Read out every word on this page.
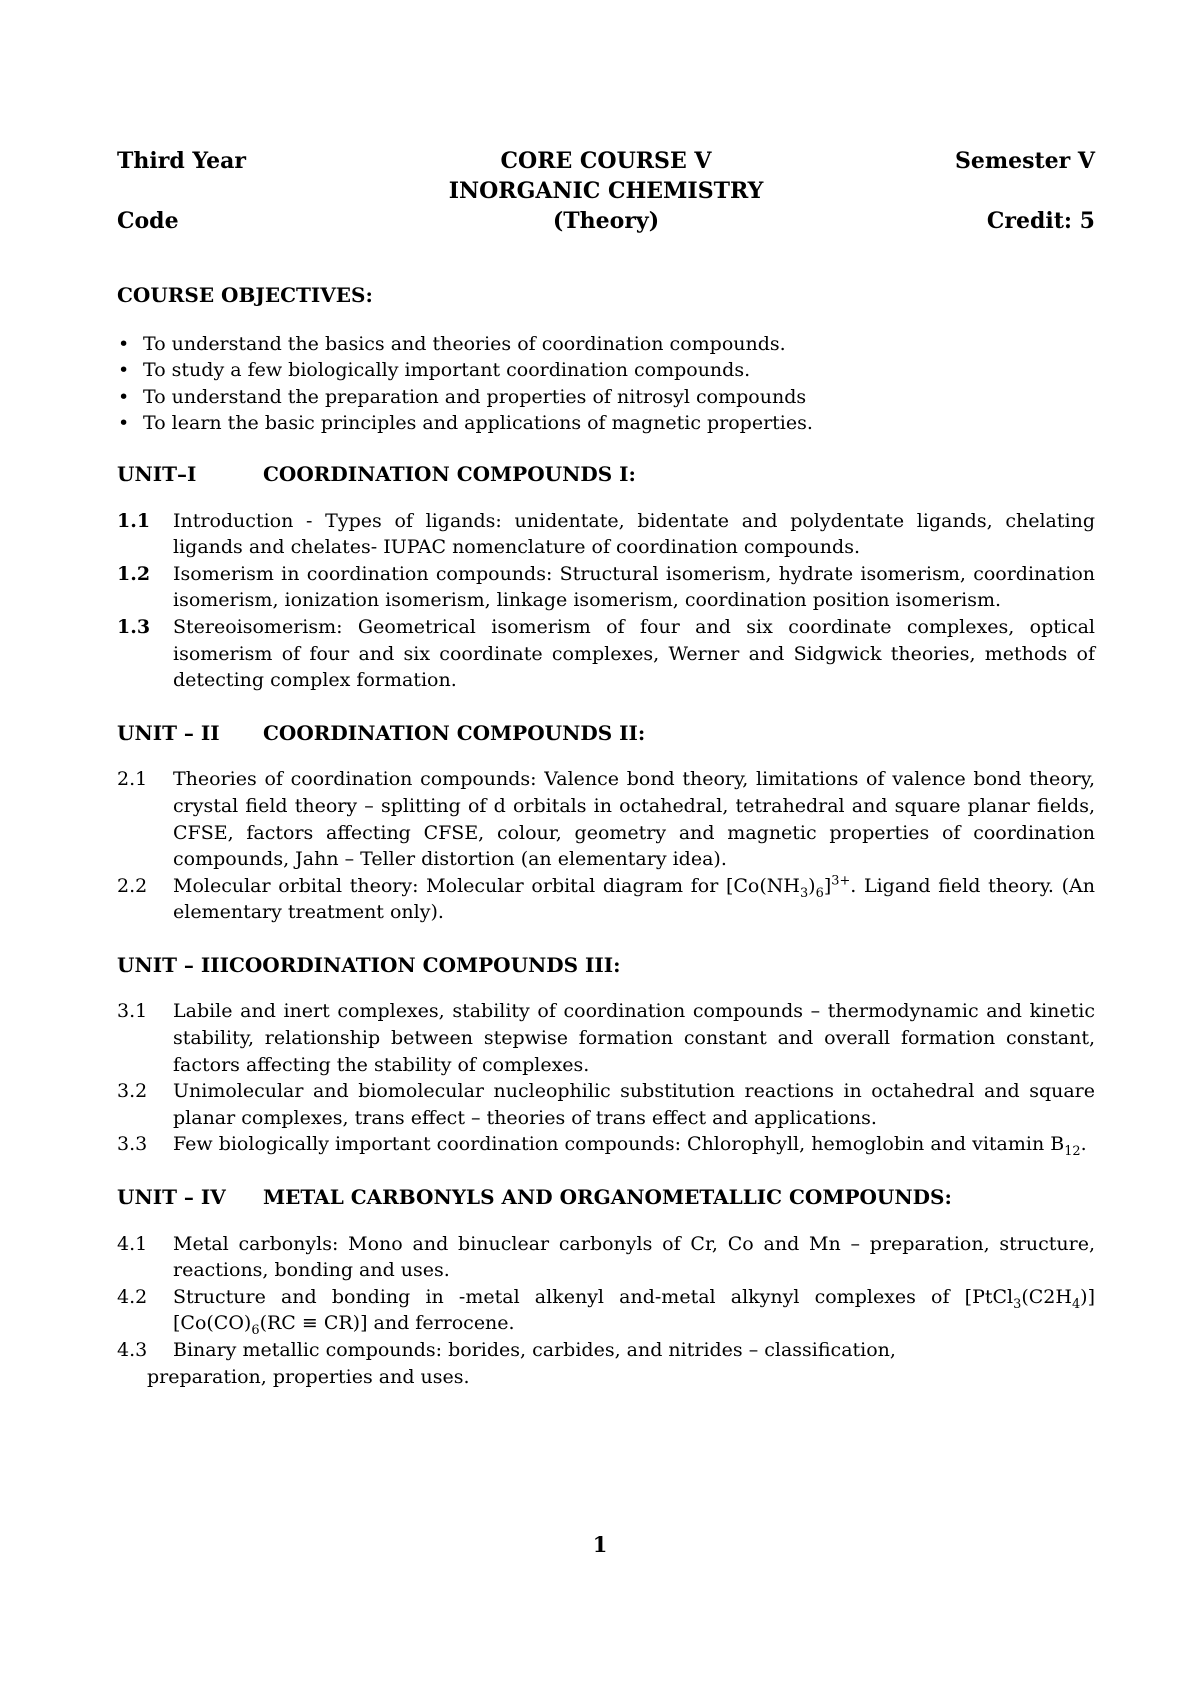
Third Year	CORE COURSE V	Semester V
INORGANIC CHEMISTRY
Code	(Theory)	Credit: 5

COURSE OBJECTIVES:

• To understand the basics and theories of coordination compounds.
• To study a few biologically important coordination compounds.
• To understand the preparation and properties of nitrosyl compounds
• To learn the basic principles and applications of magnetic properties.
UNIT–I	COORDINATION COMPOUNDS I:
1.1	Introduction - Types of ligands: unidentate, bidentate and polydentate ligands, chelating ligands and chelates- IUPAC nomenclature of coordination compounds.
1.2	Isomerism in coordination compounds: Structural isomerism, hydrate isomerism, coordination isomerism, ionization isomerism, linkage isomerism, coordination position isomerism.
1.3	Stereoisomerism: Geometrical isomerism of four and six coordinate complexes, optical isomerism of four and six coordinate complexes, Werner and Sidgwick theories, methods of detecting complex formation.
UNIT – II	COORDINATION COMPOUNDS II:
2.1	Theories of coordination compounds: Valence bond theory, limitations of valence bond theory, crystal field theory – splitting of d orbitals in octahedral, tetrahedral and square planar fields, CFSE, factors affecting CFSE, colour, geometry and magnetic properties of coordination compounds, Jahn – Teller distortion (an elementary idea).
2.2	Molecular orbital theory: Molecular orbital diagram for $[Co(NH_3)_6]^{3+}$. Ligand field theory. (An elementary treatment only).
UNIT – III COORDINATION COMPOUNDS III:
3.1	Labile and inert complexes, stability of coordination compounds – thermodynamic and kinetic stability, relationship between stepwise formation constant and overall formation constant, factors affecting the stability of complexes.
3.2	Unimolecular and biomolecular nucleophilic substitution reactions in octahedral and square planar complexes, trans effect – theories of trans effect and applications.
3.3	Few biologically important coordination compounds: Chlorophyll, hemoglobin and vitamin $B_{12}$.
UNIT – IV	METAL CARBONYLS AND ORGANOMETALLIC COMPOUNDS:
4.1	Metal carbonyls: Mono and binuclear carbonyls of Cr, Co and Mn – preparation, structure, reactions, bonding and uses.
4.2	Structure and bonding in -metal alkenyl and-metal alkynyl complexes of $[PtCl_3(C2H_4)] [Co(CO)_6(RC \equiv CR)]$ and ferrocene.
4.3 Binary metallic compounds: borides, carbides, and nitrides – classification,
preparation, properties and uses.
1
